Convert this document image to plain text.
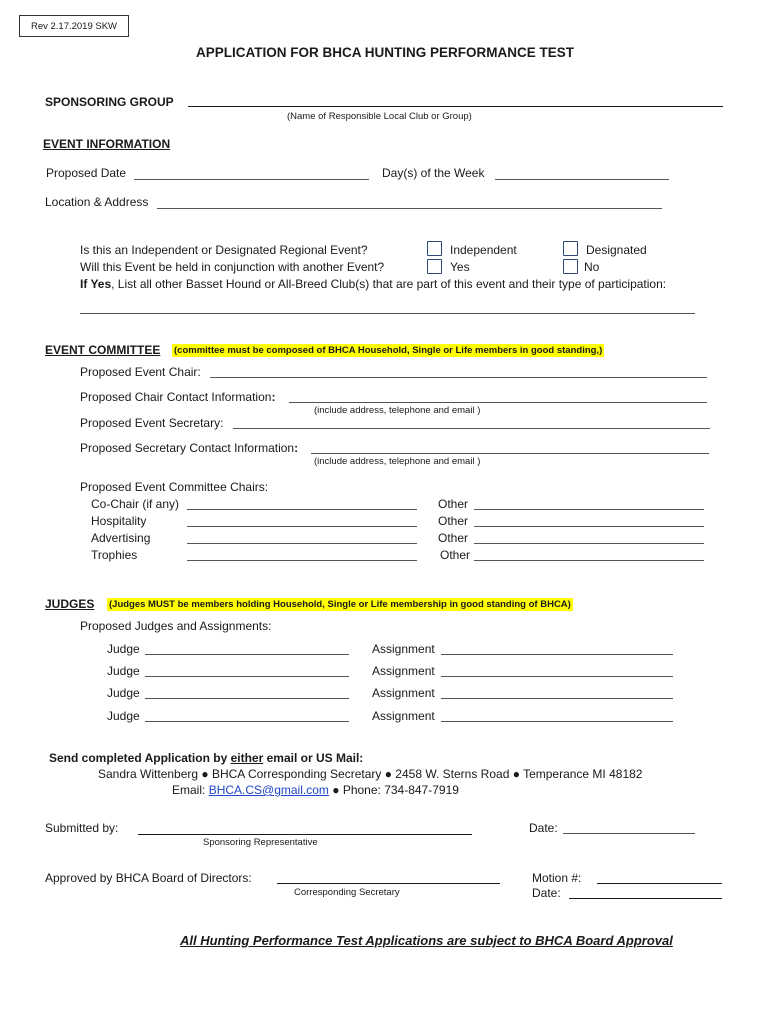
Rev 2.17.2019 SKW
APPLICATION FOR BHCA HUNTING PERFORMANCE TEST
SPONSORING GROUP
(Name of Responsible Local Club or Group)
EVENT INFORMATION
Proposed Date	Day(s) of the Week
Location & Address
Is this an Independent or Designated Regional Event?	Independent	Designated
Will this Event be held in conjunction with another Event?	Yes	No
If Yes, List all other Basset Hound or All-Breed Club(s) that are part of this event and their type of participation:
EVENT COMMITTEE (committee must be composed of BHCA Household, Single or Life members in good standing,)
Proposed Event Chair:
Proposed Chair Contact Information:
(include address, telephone and email )
Proposed Event Secretary:
Proposed Secretary Contact Information:
(include address, telephone and email )
Proposed Event Committee Chairs:
Co-Chair (if any)	Other
Hospitality	Other
Advertising	Other
Trophies	Other
JUDGES (Judges MUST be members holding Household, Single or Life membership in good standing of BHCA)
Proposed Judges and Assignments:
Judge	Assignment
Judge	Assignment
Judge	Assignment
Judge	Assignment
Send completed Application by either email or US Mail:
Sandra Wittenberg ● BHCA Corresponding Secretary ● 2458 W. Sterns Road ● Temperance MI 48182
Email: BHCA.CS@gmail.com ● Phone: 734-847-7919
Submitted by:
Sponsoring Representative
Date:
Approved by BHCA Board of Directors:
Corresponding Secretary
Motion #:
Date:
All Hunting Performance Test Applications are subject to BHCA Board Approval
